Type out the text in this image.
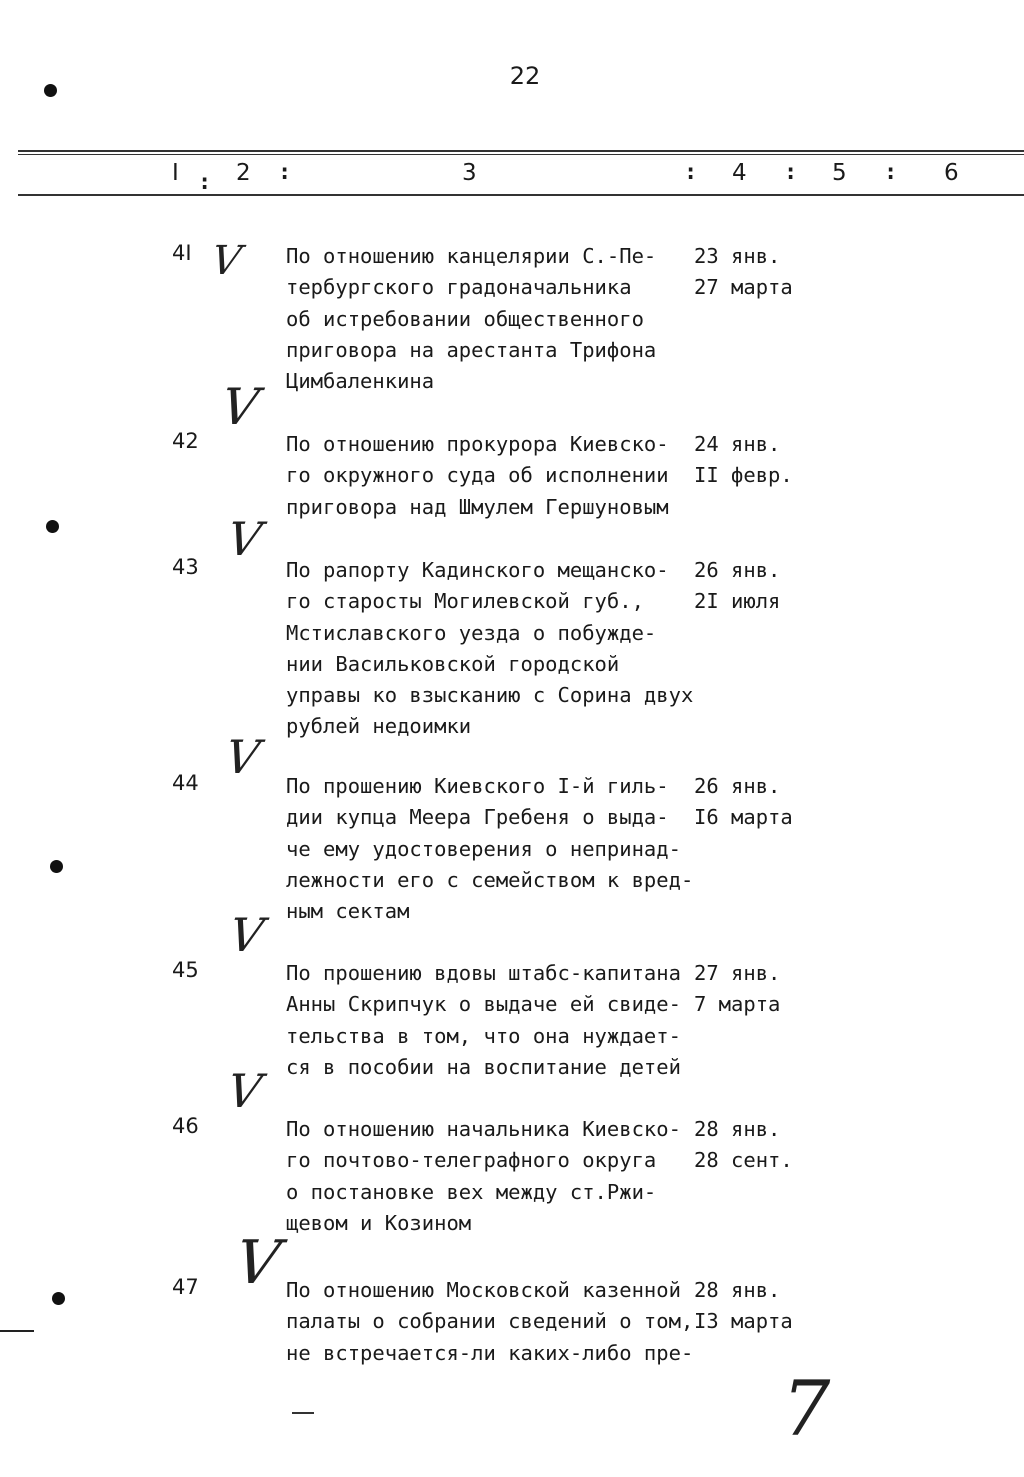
22
I : 2 :	3	: 4 : 5 : 6
4I	По отношению канцелярии С.-Пе-
тербургского градоначальника
об истребовании общественного
приговора на арестанта Трифона
Цимбаленкина
23 янв.
27 марта
42	По отношению прокурора Киевско-
го окружного суда об исполнении
приговора над Шмулем Гершуновым
24 янв.
II февр.
43	По рапорту Кадинского мещанско-
го старосты Могилевской губ.,
Мстиславского уезда о побужде-
нии Васильковской городской
управы ко взысканию с Сорина двух
рублей недоимки
26 янв.
2I июля
44	По прошению Киевского I-й гиль-
дии купца Меера Гребеня о выда-
че ему удостоверения о непринад-
лежности его с семейством к вред-
ным сектам
26 янв.
I6 марта
45	По прошению вдовы штабс-капитана
Анны Скрипчук о выдаче ей свиде-
тельства в том, что она нуждает-
ся в пособии на воспитание детей
27 янв.
7 марта
46	По отношению начальника Киевско-
го почтово-телеграфного округа
о постановке вех между ст.Ржи-
щевом и Козином
28 янв.
28 сент.
47	По отношению Московской казенной
палаты о собрании сведений о том,
не встречается-ли каких-либо пре-
28 янв.
I3 марта
V
V
V
V
V
V
V
7
